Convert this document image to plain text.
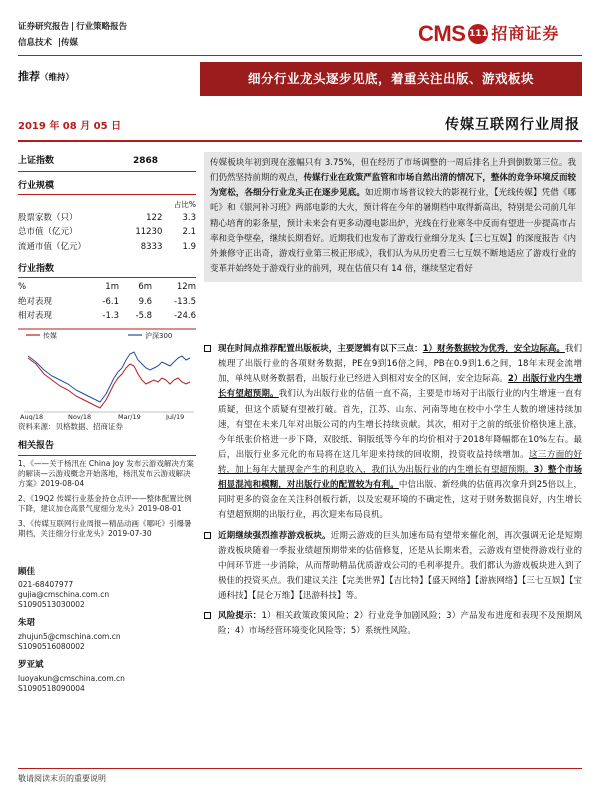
证券研究报告 | 行业策略报告
信息技术  |传媒	CMS 111 招商证券
推荐（维持）	细分行业龙头逐步见底，着重关注出版、游戏板块
2019 年 08 月 05 日	传媒互联网行业周报
上证指数	2868
行业规模
		占比%
股票家数（只）	122	3.3
总市值（亿元）	11230	2.1
流通市值（亿元）	8333	1.9
行业指数
%	1m	6m	12m
绝对表现	-6.1	9.6	-13.5
相对表现	-1.3	-5.8	-24.6
传媒	沪深300
Aug/18	Nov/18	Mar/19	Jul/19
资料来源：贝格数据、招商证券
相关报告
1、《——关于杨汛在 China Joy 发布云游戏解决方案的解读—云游戏概念开始落地，杨汛发布云游戏解决方案》2019-08-04
2、《19Q2 传媒行业基金持仓点评——整体配置比例下降，建议加仓高景气度细分龙头》2019-08-01
3、《传媒互联网行业周报—精品动画《哪吒》引爆暑期档，关注细分行业龙头》2019-07-30
顾佳
021-68407977
gujia@cmschina.com.cn
S1090513030002
朱珺
zhujun5@cmschina.com.cn
S1090516080002
罗亚斌
luoyakun@cmschina.com.cn
S1090518090004
传媒板块年初到现在涨幅只有 3.75%，但在经历了市场调整的一周后排名上升到倒数第三位。我们仍然坚持前期的观点，传媒行业在政策严监管和市场自然出清的情况下，整体的竞争环境反而较为宽松，各细分行业龙头正在逐步见底。如近期市场普议较大的影视行业，【光线传媒】凭借《哪吒》和《银河补习班》两部电影的大火，预计将在今年的暑期档中取得新高出，特别是公司前几年精心培育的彩条星，预计未来会有更多动漫电影出炉，光线在行业寒冬中反而有望进一步提高市占率和竞争壁垒，继续长期看好。近期我们也发布了游戏行业细分龙头【三七互娱】的深度报告《内外兼修守正出奇，游戏行业第三极正形成》，我们认为从历史看三七互娱不断地适应了游戏行业的变革并始终处于游戏行业的前列，现在估值只有 14 倍，继续坚定看好
现在时间点推荐配置出版板块，主要逻辑有以下三点：1）财务数据较为优秀，安全边际高。我们梳理了出版行业的各项财务数据，PE在9到16倍之间，PB在0.9到1.6之间，18年末现金流增加，单纯从财务数据看，出版行业已经进入到相对安全的区间，安全边际高。2）出版行业内生增长有望超预期。我们认为出版行业的估值一直不高，主要是市场对于出版行业的内生增速一直有质疑，但这个质疑有望被打破。首先，江苏、山东、河南等地在校中小学生人数的增速持续加速，有望在未来几年对出版公司的内生增长持续贡献。其次，相对于之前的纸张价格快速上涨，今年纸张价格进一步下降，双胶纸、铜版纸等今年的均价相对于2018年降幅都在10%左右。最后，出版行业多元化的布局将在这几年迎来持续的回收期，投资收益持续增加。这三方面的好转，加上每年大量现金产生的利息收入，我们认为出版行业的内生增长有望超预期。3）整个市场相显混沌和模糊，对出版行业的配置较为有利。中信出版、新经典的估值再次拿升到25倍以上，同时更多的资金在关注科创板行新，以及宏观环境的不确定性，这对于财务数据良好，内生增长有望超预期的出版行业，再次迎来布局良机。
近期继续强烈推荐游戏板块。近期云游戏的巨头加速布局有望带来催化剂，再次强调无论是短期游戏板块随着一季报业绩超预期带来的估值修复，还是从长期来看，云游戏有望使得游戏行业的中间环节进一步消除，从而帮助精品优质游戏公司的毛利率提升。我们都认为游戏板块进入到了极佳的投资买点。我们建议关注【完美世界】【吉比特】【盛天网络】【游族网络】【三七互娱】【宝通科技】【昆仑万维】【迅游科技】等。
风险提示：1）相关政策政策风险；2）行业竞争加剧风险；3）产品发布进度和表现不及预期风险；4）市场经营环境变化风险等；5）系统性风险。
敬请阅读末页的重要说明
